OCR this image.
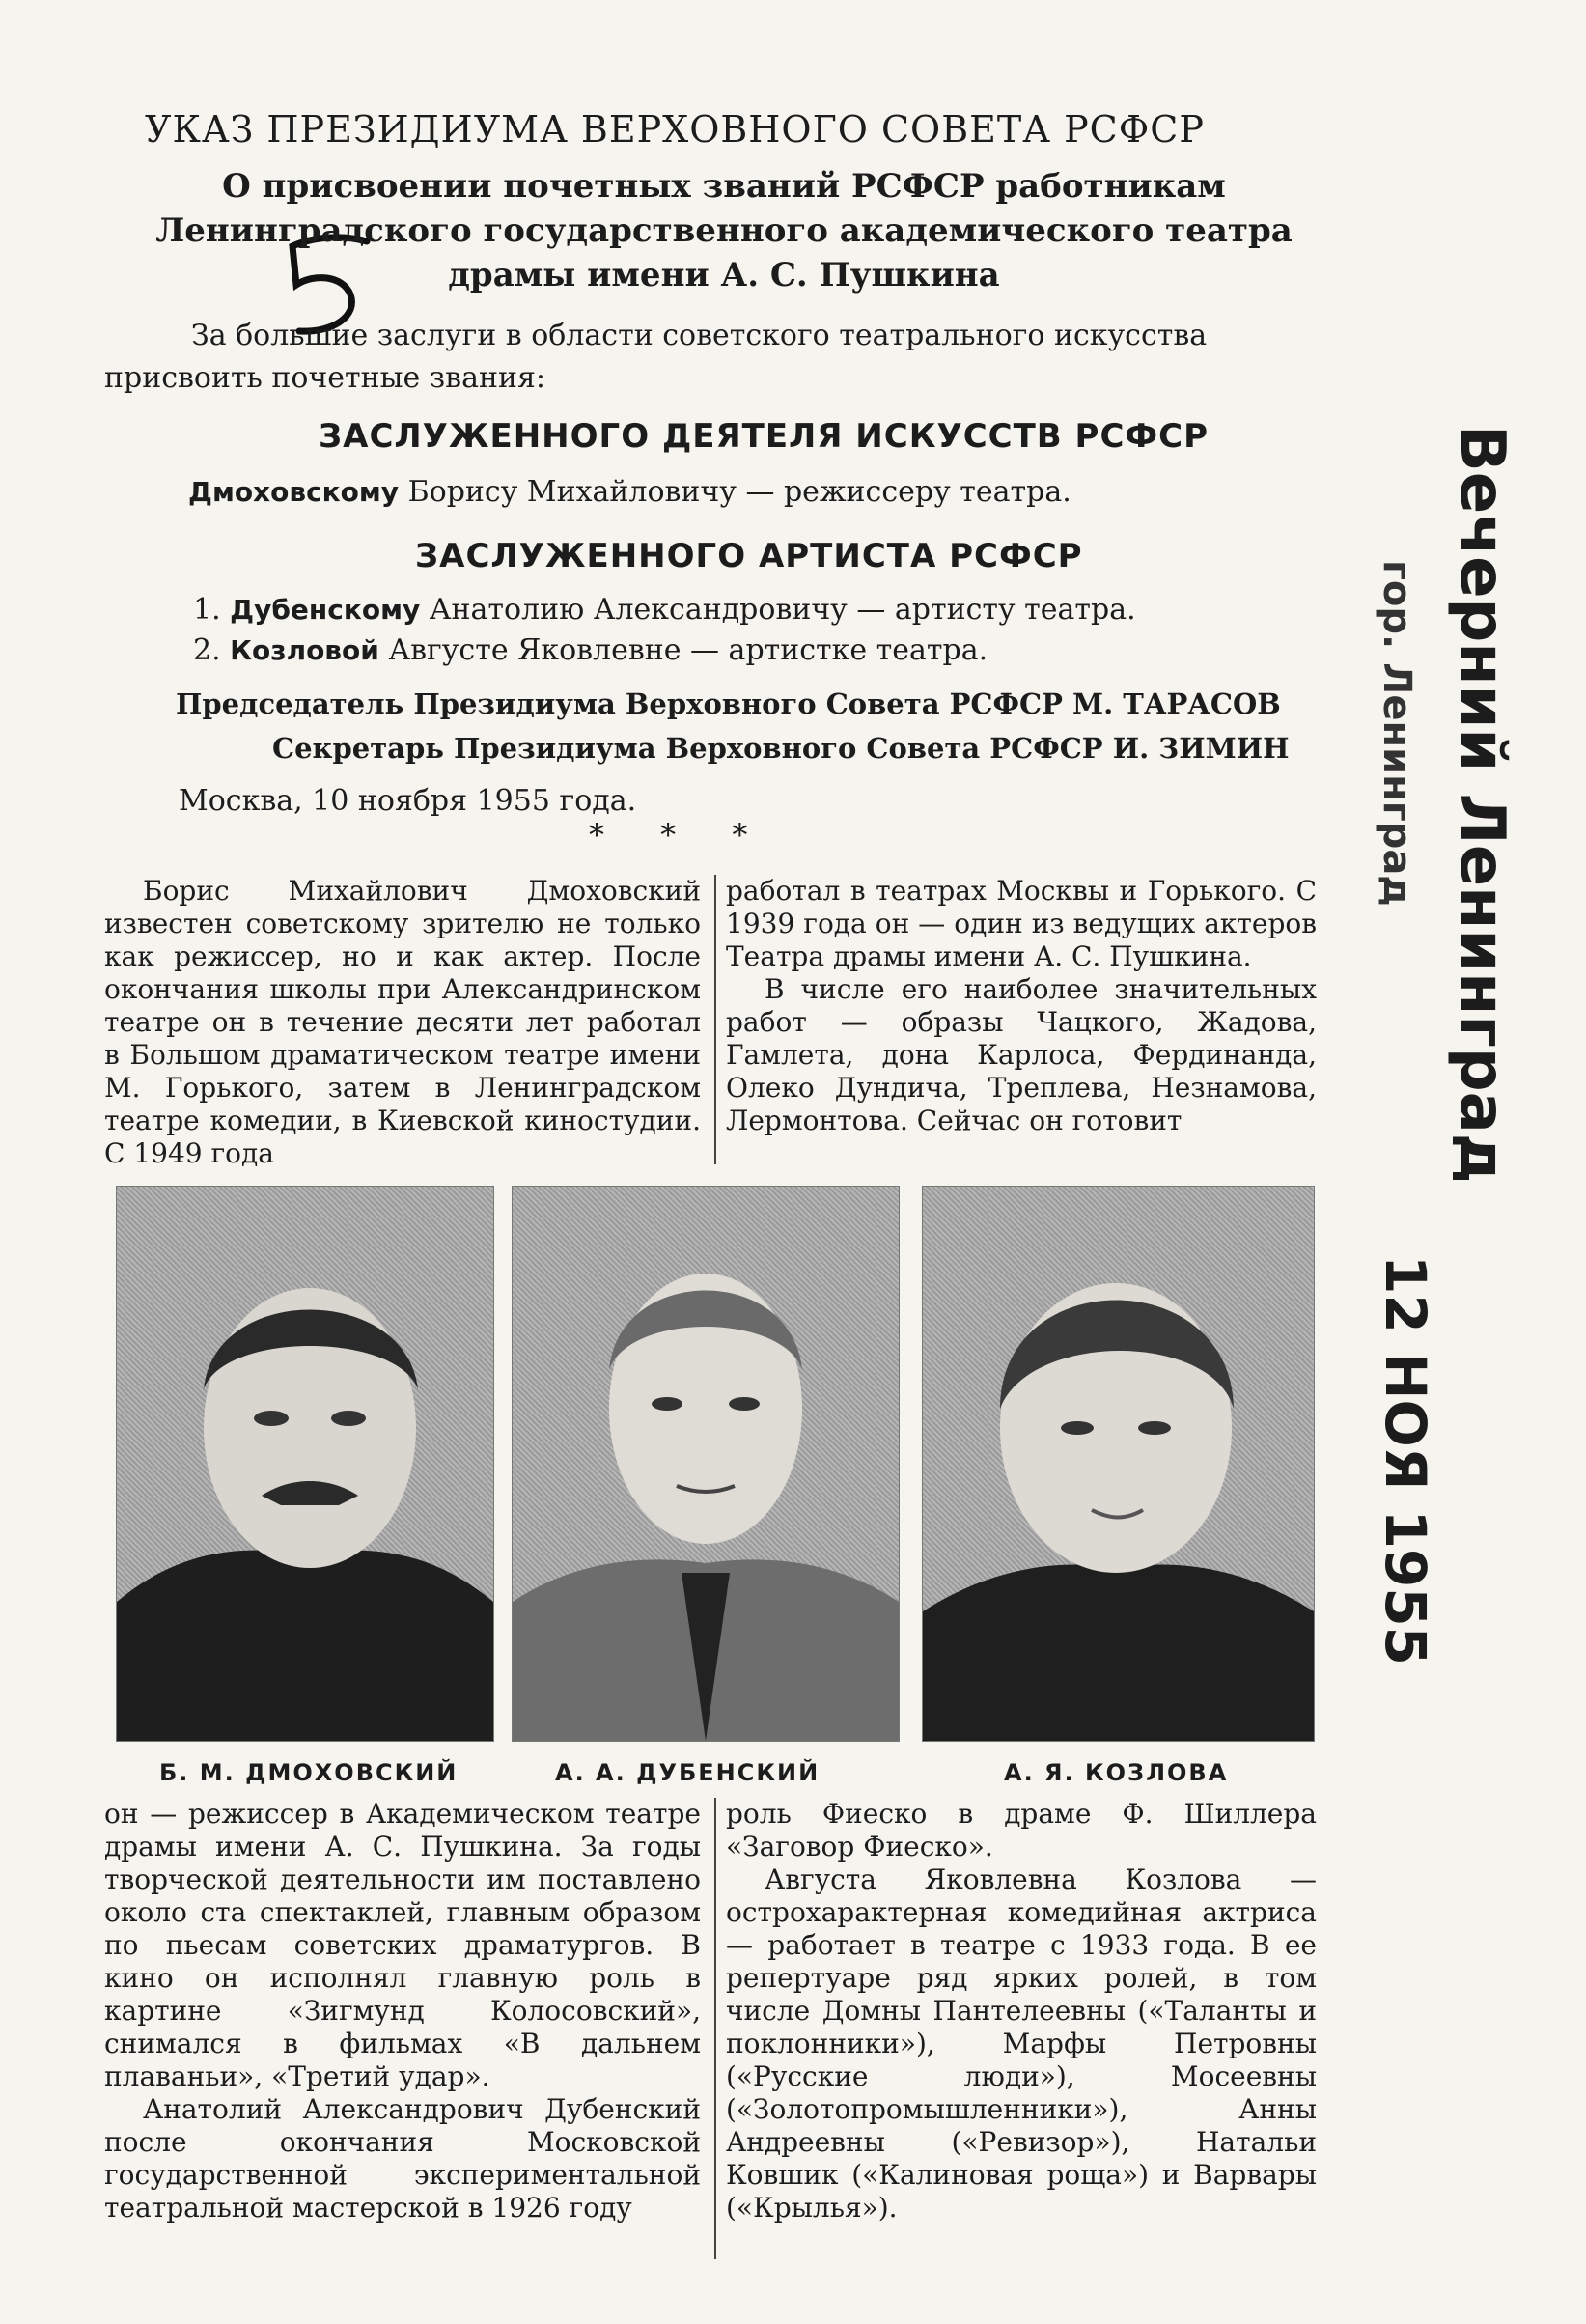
УКАЗ ПРЕЗИДИУМА ВЕРХОВНОГО СОВЕТА РСФСР
О присвоении почетных званий РСФСР работникам
Ленинградского государственного академического театра
драмы имени А. С. Пушкина
За большие заслуги в области советского театрального искусства
присвоить почетные звания:
ЗАСЛУЖЕННОГО ДЕЯТЕЛЯ ИСКУССТВ РСФСР
Дмоховскому Борису Михайловичу — режиссеру театра.
ЗАСЛУЖЕННОГО АРТИСТА РСФСР
1. Дубенскому Анатолию Александровичу — артисту театра.
2. Козловой Августе Яковлевне — артистке театра.
Председатель Президиума Верховного Совета РСФСР М. ТАРАСОВ
Секретарь Президиума Верховного Совета РСФСР И. ЗИМИН
Москва, 10 ноября 1955 года.
* * *

Борис Михайлович Дмоховский известен советскому зрителю не только как режиссер, но и как актер. После окончания школы при Александринском театре он в течение десяти лет работал в Большом драматическом театре имени М. Горького, затем в Ленинградском театре комедии, в Киевской киностудии. С 1949 года

работал в театрах Москвы и Горького. С 1939 года он — один из ведущих актеров Театра драмы имени А. С. Пушкина.

В числе его наиболее значительных работ — образы Чацкого, Жадова, Гамлета, дона Карлоса, Фердинанда, Олеко Дундича, Треплева, Незнамова, Лермонтова. Сейчас он готовит

Б. М. ДМОХОВСКИЙ	А. А. ДУБЕНСКИЙ	А. Я. КОЗЛОВА

он — режиссер в Академическом театре драмы имени А. С. Пушкина. За годы творческой деятельности им поставлено около ста спектаклей, главным образом по пьесам советских драматургов. В кино он исполнял главную роль в картине «Зигмунд Колосовский», снимался в фильмах «В дальнем плаваньи», «Третий удар».

Анатолий Александрович Дубенский после окончания Московской государственной экспериментальной театральной мастерской в 1926 году

роль Фиеско в драме Ф. Шиллера «Заговор Фиеско».

Августа Яковлевна Козлова — острохарактерная комедийная актриса — работает в театре с 1933 года. В ее репертуаре ряд ярких ролей, в том числе Домны Пантелеевны («Таланты и поклонники»), Марфы Петровны («Русские люди»), Мосеевны («Золотопромышленники»), Анны Андреевны («Ревизор»), Натальи Ковшик («Калиновая роща») и Варвары («Крылья»).

Вечерний Ленинград
гор. Ленинград
12 НОЯ 1955
